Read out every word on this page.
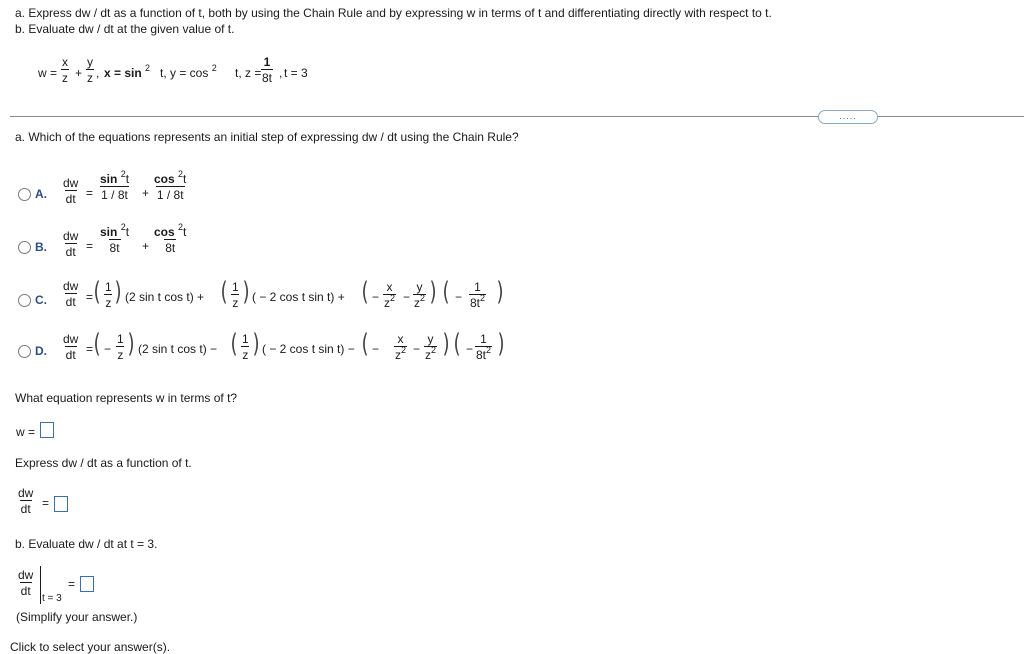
a. Express dw / dt as a function of t, both by using the Chain Rule and by expressing w in terms of t and differentiating directly with respect to t.
b. Evaluate dw / dt at the given value of t.
$w = \frac{x}{z} + \frac{y}{z}$ , x = sin $^2$ t, y = cos $^2$ t, $z = \frac{1}{8t}$ , t = 3
.....
a. Which of the equations represents an initial step of expressing dw / dt using the Chain Rule?
A. $\frac{dw}{dt} = \frac{\sin ^2t}{1 / 8t} + \frac{\cos ^2t}{1 / 8t}$
B. $\frac{dw}{dt} = \frac{\sin ^2t}{8t} + \frac{\cos ^2t}{8t}$
C. $\frac{dw}{dt}$ = ( $\frac{1}{z}$ ) (2 sin t cos t) + ( $\frac{1}{z}$ ) ( − 2 cos t sin t) + ( − $\frac{x}{z^2} - \frac{y}{z^2}$ ) ( − $\frac{1}{8t^2}$ )
D. $\frac{dw}{dt}$ = ( − $\frac{1}{z}$ ) (2 sin t cos t) − ( $\frac{1}{z}$ ) ( − 2 cos t sin t) − ( − $\frac{x}{z^2} - \frac{y}{z^2}$ ) ( − $\frac{1}{8t^2}$ )
What equation represents w in terms of t?
w =
Express dw / dt as a function of t.
$\frac{dw}{dt}$ =
b. Evaluate dw / dt at t = 3.
$\frac{dw}{dt}$
t = 3
=
(Simplify your answer.)
Click to select your answer(s).
